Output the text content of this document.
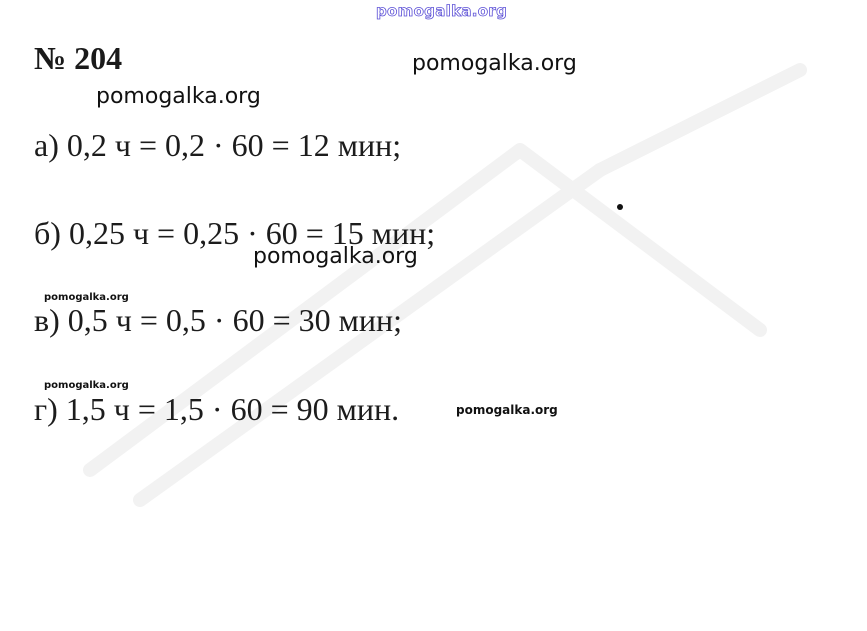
pomogalka.org
№ 204	pomogalka.org
pomogalka.org
а) 0,2 ч = 0,2 · 60 = 12 мин;
б) 0,25 ч = 0,25 · 60 = 15 мин;
pomogalka.org
pomogalka.org
в) 0,5 ч = 0,5 · 60 = 30 мин;
pomogalka.org
г) 1,5 ч = 1,5 · 60 = 90 мин.	pomogalka.org
